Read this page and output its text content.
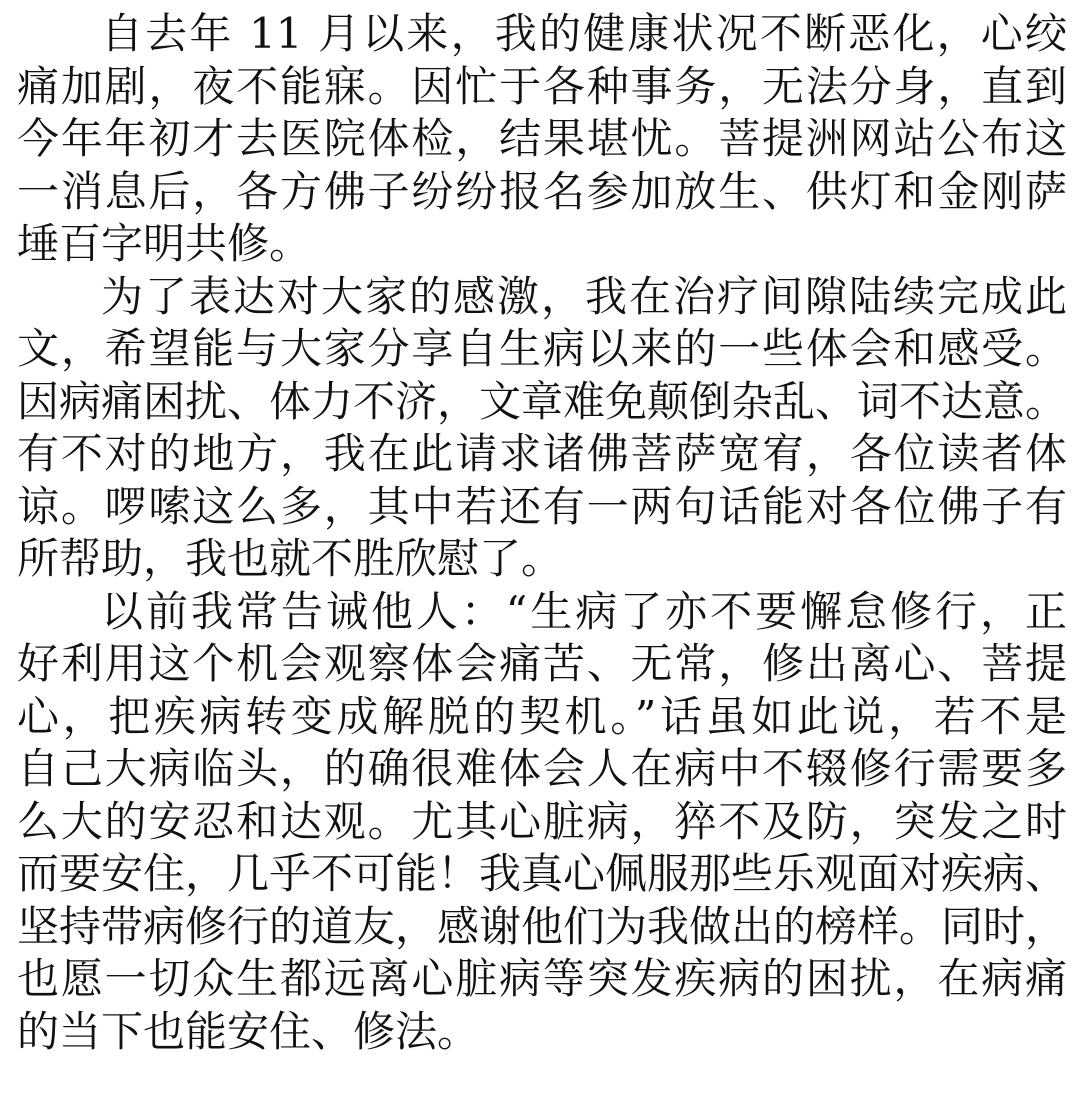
自去年 11 月以来，我的健康状况不断恶化，心绞
痛加剧，夜不能寐。因忙于各种事务，无法分身，直到
今年年初才去医院体检，结果堪忧。菩提洲网站公布这
一消息后，各方佛子纷纷报名参加放生、供灯和金刚萨
埵百字明共修。
为了表达对大家的感激，我在治疗间隙陆续完成此
文，希望能与大家分享自生病以来的一些体会和感受。
因病痛困扰、体力不济，文章难免颠倒杂乱、词不达意。
有不对的地方，我在此请求诸佛菩萨宽宥，各位读者体
谅。啰嗦这么多，其中若还有一两句话能对各位佛子有
所帮助，我也就不胜欣慰了。
以前我常告诫他人：“生病了亦不要懈怠修行，正
好利用这个机会观察体会痛苦、无常，修出离心、菩提
心，把疾病转变成解脱的契机。”话虽如此说，若不是
自己大病临头，的确很难体会人在病中不辍修行需要多
么大的安忍和达观。尤其心脏病，猝不及防，突发之时
而要安住，几乎不可能！我真心佩服那些乐观面对疾病、
坚持带病修行的道友，感谢他们为我做出的榜样。同时，
也愿一切众生都远离心脏病等突发疾病的困扰，在病痛
的当下也能安住、修法。
